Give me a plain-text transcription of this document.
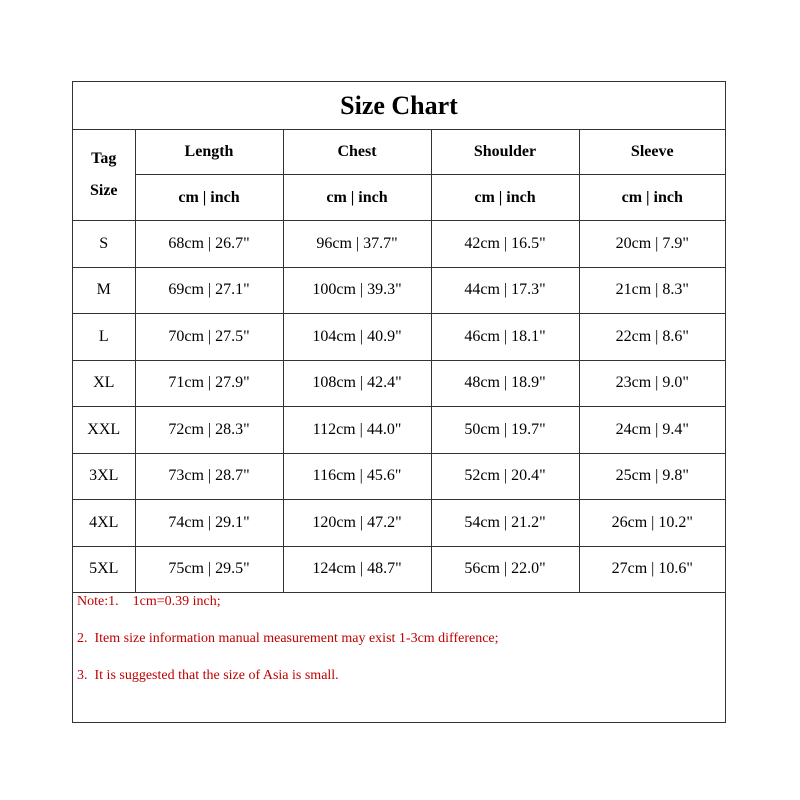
Size Chart
Tag
Size	Length	Chest	Shoulder	Sleeve
	cm | inch	cm | inch	cm | inch	cm | inch
S	68cm | 26.7"	96cm | 37.7"	42cm | 16.5"	20cm | 7.9"
M	69cm | 27.1"	100cm | 39.3"	44cm | 17.3"	21cm | 8.3"
L	70cm | 27.5"	104cm | 40.9"	46cm | 18.1"	22cm | 8.6"
XL	71cm | 27.9"	108cm | 42.4"	48cm | 18.9"	23cm | 9.0"
XXL	72cm | 28.3"	112cm | 44.0"	50cm | 19.7"	24cm | 9.4"
3XL	73cm | 28.7"	116cm | 45.6"	52cm | 20.4"	25cm | 9.8"
4XL	74cm | 29.1"	120cm | 47.2"	54cm | 21.2"	26cm | 10.2"
5XL	75cm | 29.5"	124cm | 48.7"	56cm | 22.0"	27cm | 10.6"
Note:1.    1cm=0.39 inch;
2.  Item size information manual measurement may exist 1-3cm difference;
3.  It is suggested that the size of Asia is small.
